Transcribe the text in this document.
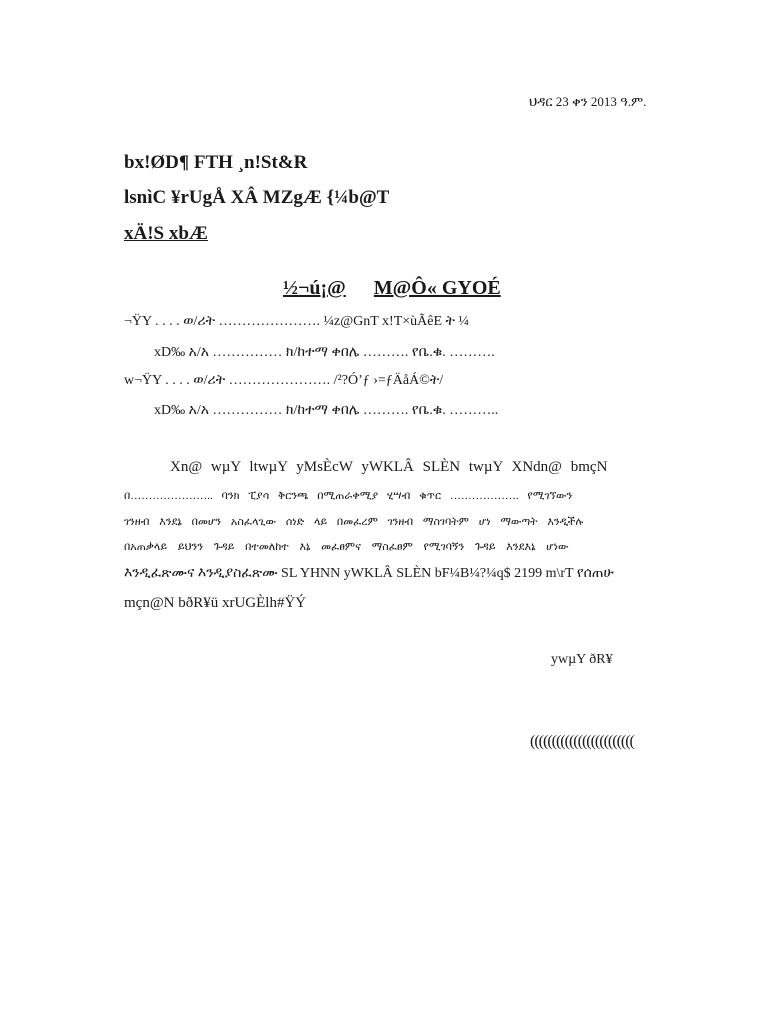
ህዳር 23 ቀን 2013 ዓ.ም.
bx!ØD¶ FTH ¸n!St&R
lsnìC ¥rUgÅ XÂ MZgÆ {¼b@T
xÄ!S xbÆ
½¬ú¡@ M@Ô« GYOÉ
¬ŸY . . . . ወ/ሪት …………………. ¼z@GnT x!T×ùÃêE ት ¼
xD‰ አ/አ …………… ክ/ከተማ ቀበሌ ………. የቤ.ቁ. ……….
w¬ŸY . . . . ወ/ሪት …………………. /²?Ó’ƒ ›=ƒÄåÁ©ት/
xD‰ አ/አ …………… ክ/ከተማ ቀበሌ ………. የቤ.ቁ. ………..
Xn@ wµY ltwµY yMsÈcW yWKLÂ SLÈN twµY XNdn@ bmçN
በ………………….. ባንክ ፒያሳ ቅርንጫ በሚጠራቀሚያ ሂሣብ ቁጥር ………………. የሚገኘውን
ገንዘብ እንደኔ በመሆን አስፈላጊው ሰነድ ላይ በመፈረም ገንዘብ ማስገባትም ሆነ ማውጣት እንዲችሉ
በአጠቃላይ ይህንን ጉዳይ በተመለከተ እኔ መፈፀምና ማስፈፀም የሚገባኝን ጉዳይ እንደእኔ ሆነው
እንዲፈጽሙና እንዲያስፈጽሙ SL YHNN yWKLÂ SLÈN bF¼B¼?¼q$ 2199 m\rT የሰጠሁ
mçn@N bðR¥ü xrUGÈlh#ŸÝ
ywµY ðR¥
((((((((((((((((((((((((
